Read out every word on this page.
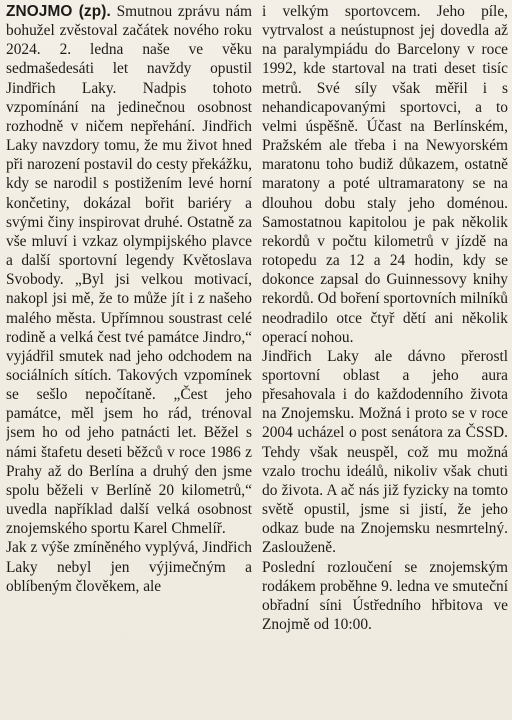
ZNOJMO (zp). Smutnou zprávu nám bohužel zvěstoval začátek nového roku 2024. 2. ledna naše ve věku sedmašedesáti let navždy opustil Jindřich Laky. Nadpis tohoto vzpomínání na jedinečnou osobnost rozhodně v ničem nepřehání. Jindřich Laky navzdory tomu, že mu život hned při narození postavil do cesty překážku, kdy se narodil s postižením levé horní končetiny, dokázal bořit bariéry a svými činy inspirovat druhé. Ostatně za vše mluví i vzkaz olympijského plavce a další sportovní legendy Květoslava Svobody. „Byl jsi velkou motivací, nakopl jsi mě, že to může jít i z našeho malého města. Upřímnou soustrast celé rodině a velká čest tvé památce Jindro,“ vyjádřil smutek nad jeho odchodem na sociálních sítích. Takových vzpomínek se sešlo nepočítaně. „Čest jeho památce, měl jsem ho rád, trénoval jsem ho od jeho patnácti let. Běžel s námi štafetu deseti běžců v roce 1986 z Prahy až do Berlína a druhý den jsme spolu běželi v Berlíně 20 kilometrů,“ uvedla například další velká osobnost znojemského sportu Karel Chmelíř.

Jak z výše zmíněného vyplývá, Jindřich Laky nebyl jen výjimečným a oblíbeným člověkem, ale

i velkým sportovcem. Jeho píle, vytrvalost a neústupnost jej dovedla až na paralympiádu do Barcelony v roce 1992, kde startoval na trati deset tisíc metrů. Své síly však měřil i s nehandicapovanými sportovci, a to velmi úspěšně. Účast na Berlínském, Pražském ale třeba i na Newyorském maratonu toho budiž důkazem, ostatně maratony a poté ultramaratony se na dlouhou dobu staly jeho doménou. Samostatnou kapitolou je pak několik rekordů v počtu kilometrů v jízdě na rotopedu za 12 a 24 hodin, kdy se dokonce zapsal do Guinnessovy knihy rekordů. Od boření sportovních milníků neodradilo otce čtyř dětí ani několik operací nohou.

Jindřich Laky ale dávno přerostl sportovní oblast a jeho aura přesahovala i do každodenního života na Znojemsku. Možná i proto se v roce 2004 ucházel o post senátora za ČSSD. Tehdy však neuspěl, což mu možná vzalo trochu ideálů, nikoliv však chuti do života. A ač nás již fyzicky na tomto světě opustil, jsme si jistí, že jeho odkaz bude na Znojemsku nesmrtelný. Zaslouženě.

Poslední rozloučení se znojemským rodákem proběhne 9. ledna ve smuteční obřadní síni Ústředního hřbitova ve Znojmě od 10:00.
